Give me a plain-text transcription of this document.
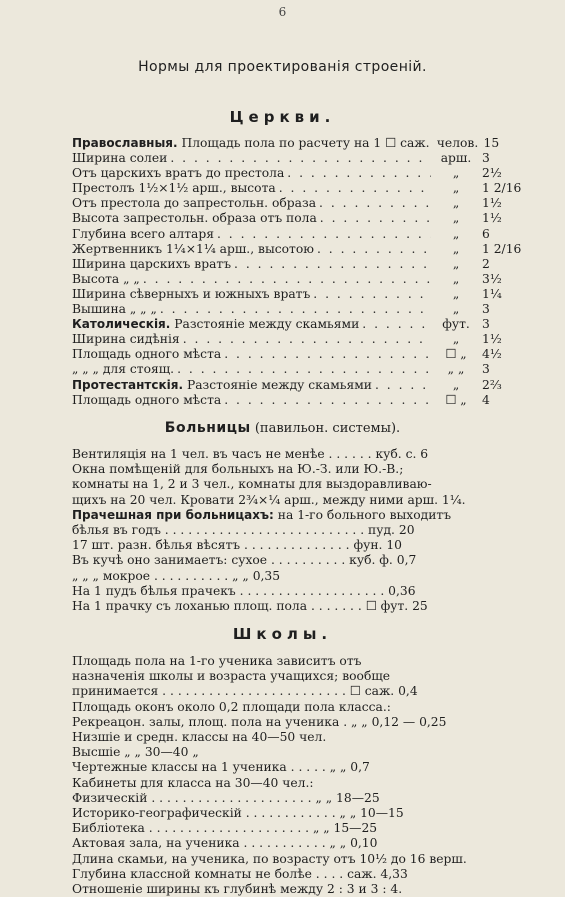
6
Нормы для проектированія строеній.
Церкви.
Православныя. Площадь пола по расчету на 1 ☐ саж. челов. 15
Ширина солеи . . .	арш. 3
Отъ царскихъ вратъ до престола . . .	„	2½
Престолъ 1½×1½ арш., высота . . .	„	1 2/16
Отъ престола до запрестольн. образа . . .	„	1½
Высота запрестольн. образа отъ пола . . .	„	1½
Глубина всего алтаря . . .	„	6
Жертвенникъ 1¼×1¼ арш., высотою . . .	„	1 2/16
Ширина царскихъ вратъ . . .	„	2
Высота „ „ . . .	„	3½
Ширина сѣверныхъ и южныхъ вратъ . . .	„	1¼
Вышина „ „ „ . . .	„	3
Католическія. Разстояніе между скамьями . . .	фут. 3
Ширина сидѣнія . . .	„	1½
Площадь одного мѣста . . .	☐ „	4½
„ „ „ для стоящ. . . .	„ „	3
Протестантскія. Разстояніе между скамьями . . .	„	2⅔
Площадь одного мѣста . . .	☐ „	4
Больницы (павильон. системы).

Вентиляція на 1 чел. въ часъ не менѣе . . . . . . куб. с. 6

Окна помѣщеній для больныхъ на Ю.-З. или Ю.-В.;

комнаты на 1, 2 и 3 чел., комнаты для выздоравливаю-

щихъ на 20 чел. Кровати 2¾×¼ арш., между ними арш. 1¼.

Прачешная при больницахъ: на 1-го больного выходитъ

бѣлья въ годъ . . . . . . . . . . . . . . . . . . . . . . . . . . пуд. 20

17 шт. разн. бѣлья вѣсятъ . . . . . . . . . . . . . . фун. 10

Въ кучѣ оно занимаетъ: сухое . . . . . . . . . . куб. ф. 0,7

„ „ „ мокрое . . . . . . . . . . „ „ 0,35

На 1 пудъ бѣлья прачекъ . . . . . . . . . . . . . . . . . . . 0,36

На 1 прачку съ лоханью площ. пола . . . . . . . ☐ фут. 25

Школы.

Площадь пола на 1-го ученика зависитъ отъ

назначенія школы и возраста учащихся; вообще

принимается . . . . . . . . . . . . . . . . . . . . . . . . ☐ саж. 0,4

Площадь оконъ около 0,2 площади пола класса.:

Рекреацон. залы, площ. пола на ученика . „ „ 0,12 — 0,25

Низшіе и средн. классы на 40—50 чел.

Высшіе „ „ 30—40 „

Чертежные классы на 1 ученика . . . . . „ „ 0,7

Кабинеты для класса на 30—40 чел.:

Физическій . . . . . . . . . . . . . . . . . . . . . „ „ 18—25

Историко-географическій . . . . . . . . . . . . „ „ 10—15

Библіотека . . . . . . . . . . . . . . . . . . . . . „ „ 15—25

Актовая зала, на ученика . . . . . . . . . . . „ „ 0,10

Длина скамьи, на ученика, по возрасту отъ 10½ до 16 верш.

Глубина классной комнаты не болѣе . . . . саж. 4,33

Отношеніе ширины къ глубинѣ между 2 : 3 и 3 : 4.
